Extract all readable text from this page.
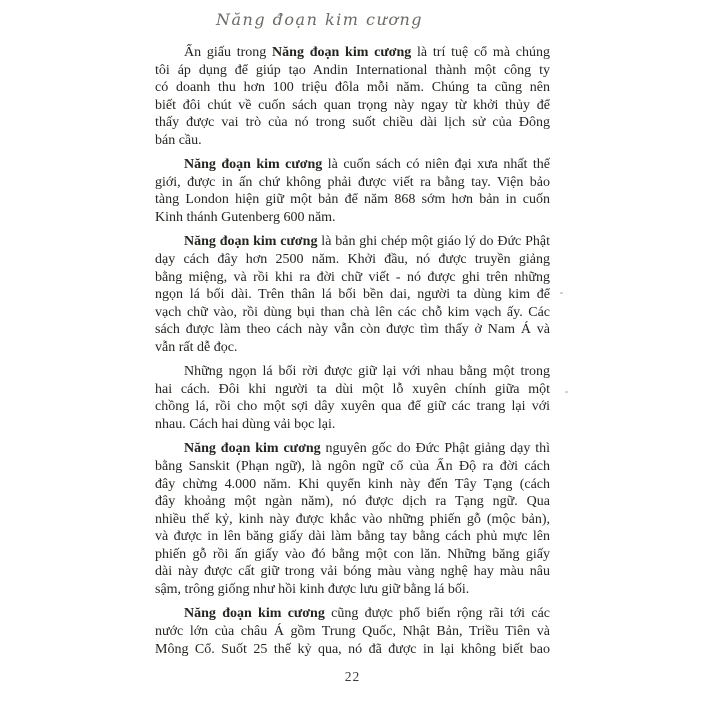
Năng đoạn kim cương
Ẩn giấu trong Năng đoạn kim cương là trí tuệ cổ mà chúng
tôi áp dụng để giúp tạo Andin International thành một công ty
có doanh thu hơn 100 triệu đôla mỗi năm. Chúng ta cũng nên
biết đôi chút về cuốn sách quan trọng này ngay từ khởi thủy để
thấy được vai trò của nó trong suốt chiều dài lịch sử của Đông
bán cầu.
Năng đoạn kim cương là cuốn sách có niên đại xưa nhất thế
giới, được in ấn chứ không phải được viết ra bằng tay. Viện bảo
tàng London hiện giữ một bản để năm 868 sớm hơn bản in cuốn
Kinh thánh Gutenberg 600 năm.
Năng đoạn kim cương là bản ghi chép một giáo lý do Đức Phật
dạy cách đây hơn 2500 năm. Khởi đầu, nó được truyền giảng
bằng miệng, và rồi khi ra đời chữ viết - nó được ghi trên những
ngọn lá bối dài. Trên thân lá bối bền dai, người ta dùng kim để
vạch chữ vào, rồi dùng bụi than chà lên các chỗ kim vạch ấy. Các
sách được làm theo cách này vẫn còn được tìm thấy ở Nam Á và
vẫn rất dễ đọc.
Những ngọn lá bối rời được giữ lại với nhau bằng một trong
hai cách. Đôi khi người ta dùi một lỗ xuyên chính giữa một
chồng lá, rồi cho một sợi dây xuyên qua để giữ các trang lại với
nhau. Cách hai dùng vải bọc lại.
Năng đoạn kim cương nguyên gốc do Đức Phật giảng dạy thì
bằng Sanskit (Phạn ngữ), là ngôn ngữ cổ của Ấn Độ ra đời cách
đây chừng 4.000 năm. Khi quyển kinh này đến Tây Tạng (cách
đây khoảng một ngàn năm), nó được dịch ra Tạng ngữ. Qua
nhiều thế kỷ, kinh này được khắc vào những phiến gỗ (mộc bản),
và được in lên băng giấy dài làm bằng tay bằng cách phủ mực lên
phiến gỗ rồi ấn giấy vào đó bằng một con lăn. Những băng giấy
dài này được cất giữ trong vải bóng màu vàng nghệ hay màu nâu
sậm, trông giống như hồi kinh được lưu giữ bằng lá bối.
Năng đoạn kim cương cũng được phổ biến rộng rãi tới các
nước lớn của châu Á gồm Trung Quốc, Nhật Bản, Triều Tiên và
Mông Cổ. Suốt 25 thế kỷ qua, nó đã được in lại không biết bao
22
